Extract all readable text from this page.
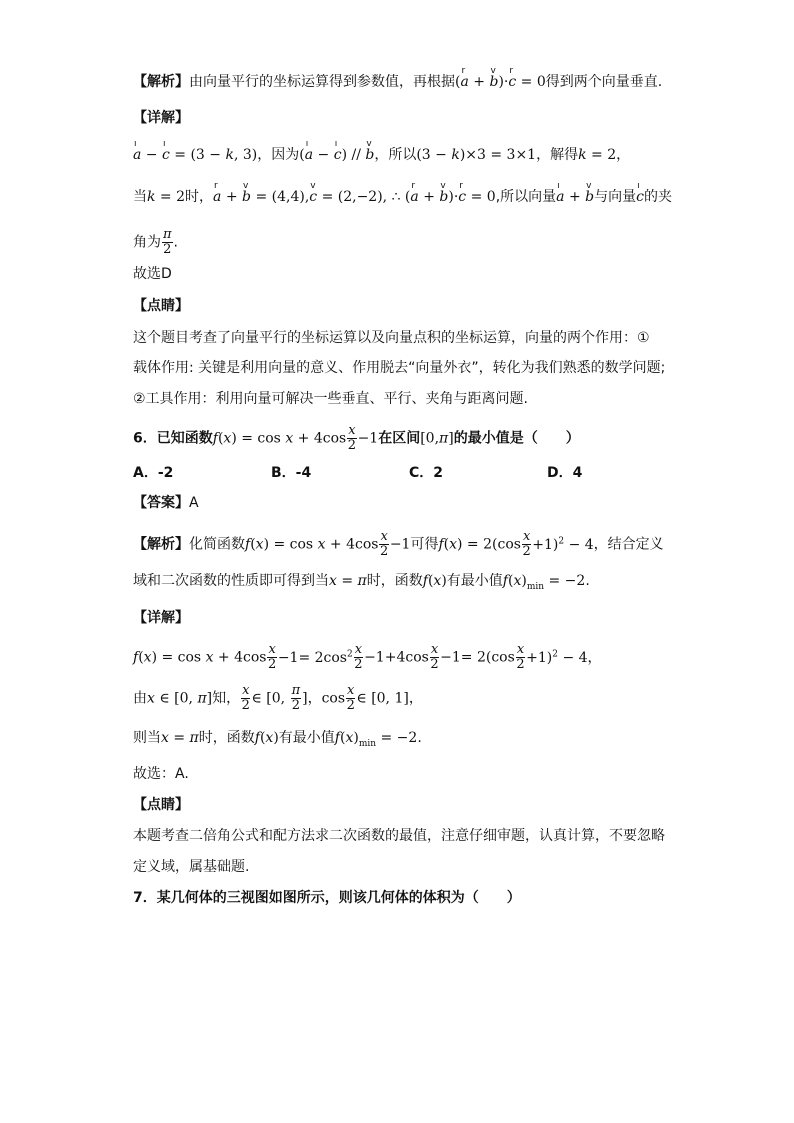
【解析】由向量平行的坐标运算得到参数值，再根据(r a + v b)·r c = 0得到两个向量垂直.
【详解】
ı a − ı c = (3 − k, 3)，因为(ı a − ı c) // v b，所以(3 − k)×3 = 3×1，解得k = 2，
当k = 2时，r a + v b = (4,4),v c = (2,−2), ∴ (r a + v b)·r c = 0,所以向量ı a + v b与向量ı c的夹
角为 $\frac{\pi}{2}$ .
故选D
【点睛】
这个题目考查了向量平行的坐标运算以及向量点积的坐标运算，向量的两个作用：①
载体作用: 关键是利用向量的意义、作用脱去“向量外衣”，转化为我们熟悉的数学问题;
②工具作用：利用向量可解决一些垂直、平行、夹角与距离问题.
6．已知函数$f(x) = \cos x + 4\cos \frac{x}{2} -1$在区间[0,π]的最小值是（　　）
A．-2	B．-4	C．2	D．4
【答案】A
【解析】化简函数$f(x) = \cos x + 4\cos \frac{x}{2} -1$可得$f(x) = 2(\cos \frac{x}{2} +1)^2 - 4$，结合定义
域和二次函数的性质即可得到当x = π时，函数f(x)有最小值$f(x)_{min} = -2$.
【详解】
$f(x) = \cos x + 4\cos \frac{x}{2} -1= 2\cos^2 \frac{x}{2} -1+4\cos \frac{x}{2} -1= 2(\cos \frac{x}{2} +1)^2 - 4$，
由x ∈ [0, π]知， $\frac{x}{2}$ ∈ [0, $\frac{\pi}{2}$ ]，$\cos \frac{x}{2}$ ∈ [0, 1]，
则当x = π时，函数f(x)有最小值$f(x)_{min} = -2$.
故选：A.
【点睛】
本题考查二倍角公式和配方法求二次函数的最值，注意仔细审题，认真计算，不要忽略
定义域，属基础题.
7．某几何体的三视图如图所示，则该几何体的体积为（　　）
